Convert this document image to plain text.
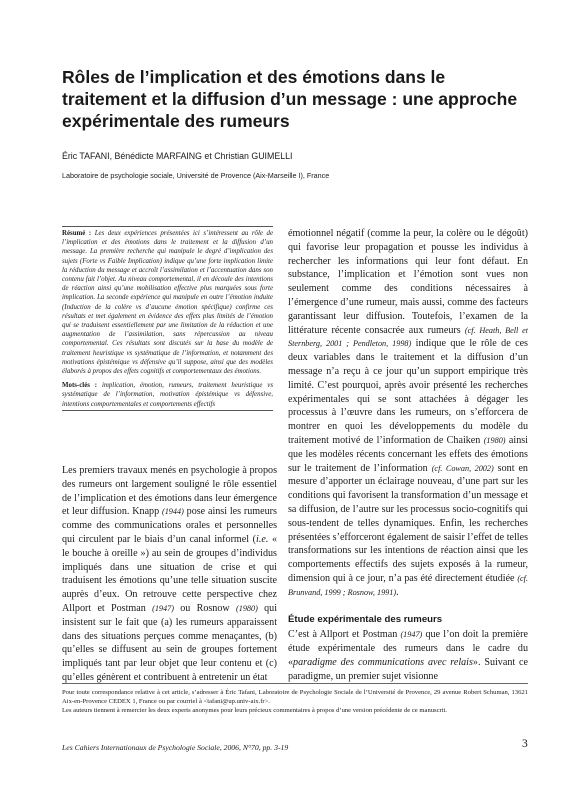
Rôles de l’implication et des émotions dans le traitement et la diffusion d’un message : une approche expérimentale des rumeurs
Éric TAFANI, Bénédicte MARFAING et Christian GUIMELLI
Laboratoire de psychologie sociale, Université de Provence (Aix-Marseille I), France

Résumé : Les deux expériences présentées ici s’intéressent au rôle de l’implication et des émotions dans le traitement et la diffusion d’un message. La première recherche qui manipule le degré d’implication des sujets (Forte vs Faible Implication) indique qu’une forte implication limite la réduction du message et accroît l’assimilation et l’accentuation dans son contenu fait l’objet. Au niveau comportemental, il en découle des intentions de réaction ainsi qu’une mobilisation effective plus marquées sous forte implication. La seconde expérience qui manipule en outre l’émotion induite (Induction de la colère vs d’aucune émotion spécifique) confirme ces résultats et met également en évidence des effets plus limités de l’émotion qui se traduisent essentiellement par une limitation de la réduction et une augmentation de l’assimilation, sans répercussion au niveau comportemental. Ces résultats sont discutés sur la base du modèle de traitement heuristique vs systématique de l’information, et notamment des motivations épistémique vs défensive qu’il suppose, ainsi que des modèles élaborés à propos des effets cognitifs et comportementaux des émotions.

Mots-clés : implication, émotion, rumeurs, traitement heuristique vs systématique de l’information, motivation épistémique vs défensive, intentions comportementales et comportements effectifs

Les premiers travaux menés en psychologie à propos des rumeurs ont largement souligné le rôle essentiel de l’implication et des émotions dans leur émergence et leur diffusion. Knapp (1944) pose ainsi les rumeurs comme des communications orales et personnelles qui circulent par le biais d’un canal informel (i.e. « le bouche à oreille ») au sein de groupes d’individus impliqués dans une situation de crise et qui traduisent les émotions qu’une telle situation suscite auprès d’eux. On retrouve cette perspective chez Allport et Postman (1947) ou Rosnow (1980) qui insistent sur le fait que (a) les rumeurs apparaissent dans des situations perçues comme menaçantes, (b) qu’elles se diffusent au sein de groupes fortement impliqués tant par leur objet que leur contenu et (c) qu’elles génèrent et contribuent à entretenir un état

émotionnel négatif (comme la peur, la colère ou le dégoût) qui favorise leur propagation et pousse les individus à rechercher les informations qui leur font défaut. En substance, l’implication et l’émotion sont vues non seulement comme des conditions nécessaires à l’émergence d’une rumeur, mais aussi, comme des facteurs garantissant leur diffusion. Toutefois, l’examen de la littérature récente consacrée aux rumeurs (cf. Heath, Bell et Sternberg, 2001 ; Pendleton, 1998) indique que le rôle de ces deux variables dans le traitement et la diffusion d’un message n’a reçu à ce jour qu’un support empirique très limité. C’est pourquoi, après avoir présenté les recherches expérimentales qui se sont attachées à dégager les processus à l’œuvre dans les rumeurs, on s’efforcera de montrer en quoi les développements du modèle du traitement motivé de l’information de Chaiken (1980) ainsi que les modèles récents concernant les effets des émotions sur le traitement de l’information (cf. Cowan, 2002) sont en mesure d’apporter un éclairage nouveau, d’une part sur les conditions qui favorisent la transformation d’un message et sa diffusion, de l’autre sur les processus socio-cognitifs qui sous-tendent de telles dynamiques. Enfin, les recherches présentées s’efforceront également de saisir l’effet de telles transformations sur les intentions de réaction ainsi que les comportements effectifs des sujets exposés à la rumeur, dimension qui à ce jour, n’a pas été directement étudiée (cf. Brunvand, 1999 ; Rosnow, 1991).

Étude expérimentale des rumeurs

C’est à Allport et Postman (1947) que l’on doit la première étude expérimentale des rumeurs dans le cadre du «paradigme des communications avec relais». Suivant ce paradigme, un premier sujet visionne

Pour toute correspondance relative à cet article, s’adresser à Éric Tafani, Laboratoire de Psychologie Sociale de l’Université de Provence, 29 avenue Robert Schuman, 13621 Aix-en-Provence CEDEX 1, France ou par courriel à <tafani@up.univ-aix.fr>.

Les auteurs tiennent à remercier les deux experts anonymes pour leurs précieux commentaires à propos d’une version précédente de ce manuscrit.

Les Cahiers Internationaux de Psychologie Sociale, 2006, N°70, pp. 3-19	3
